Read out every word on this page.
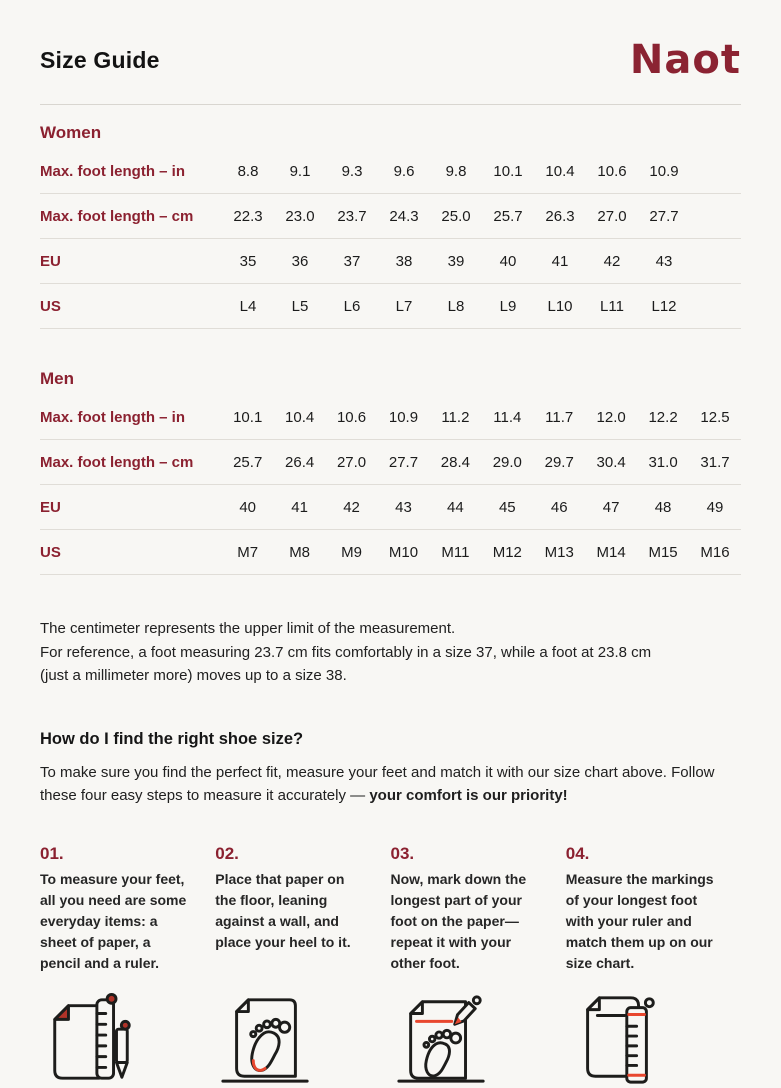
Size Guide	Naot
Women
Max. foot length – in	8.8	9.1	9.3	9.6	9.8	10.1	10.4	10.6	10.9
Max. foot length – cm	22.3	23.0	23.7	24.3	25.0	25.7	26.3	27.0	27.7
EU	35	36	37	38	39	40	41	42	43
US	L4	L5	L6	L7	L8	L9	L10	L11	L12
Men
Max. foot length – in	10.1	10.4	10.6	10.9	11.2	11.4	11.7	12.0	12.2	12.5
Max. foot length – cm	25.7	26.4	27.0	27.7	28.4	29.0	29.7	30.4	31.0	31.7
EU	40	41	42	43	44	45	46	47	48	49
US	M7	M8	M9	M10	M11	M12	M13	M14	M15	M16

The centimeter represents the upper limit of the measurement.
For reference, a foot measuring 23.7 cm fits comfortably in a size 37, while a foot at 23.8 cm
(just a millimeter more) moves up to a size 38.

How do I find the right shoe size?

To make sure you find the perfect fit, measure your feet and match it with our size chart above. Follow these four easy steps to measure it accurately — your comfort is our priority!

01.
To measure your feet, all you need are some everyday items: a sheet of paper, a pencil and a ruler.
02.
Place that paper on the floor, leaning against a wall, and place your heel to it.
03.
Now, mark down the longest part of your foot on the paper—repeat it with your other foot.
04.
Measure the markings of your longest foot with your ruler and match them up on our size chart.
